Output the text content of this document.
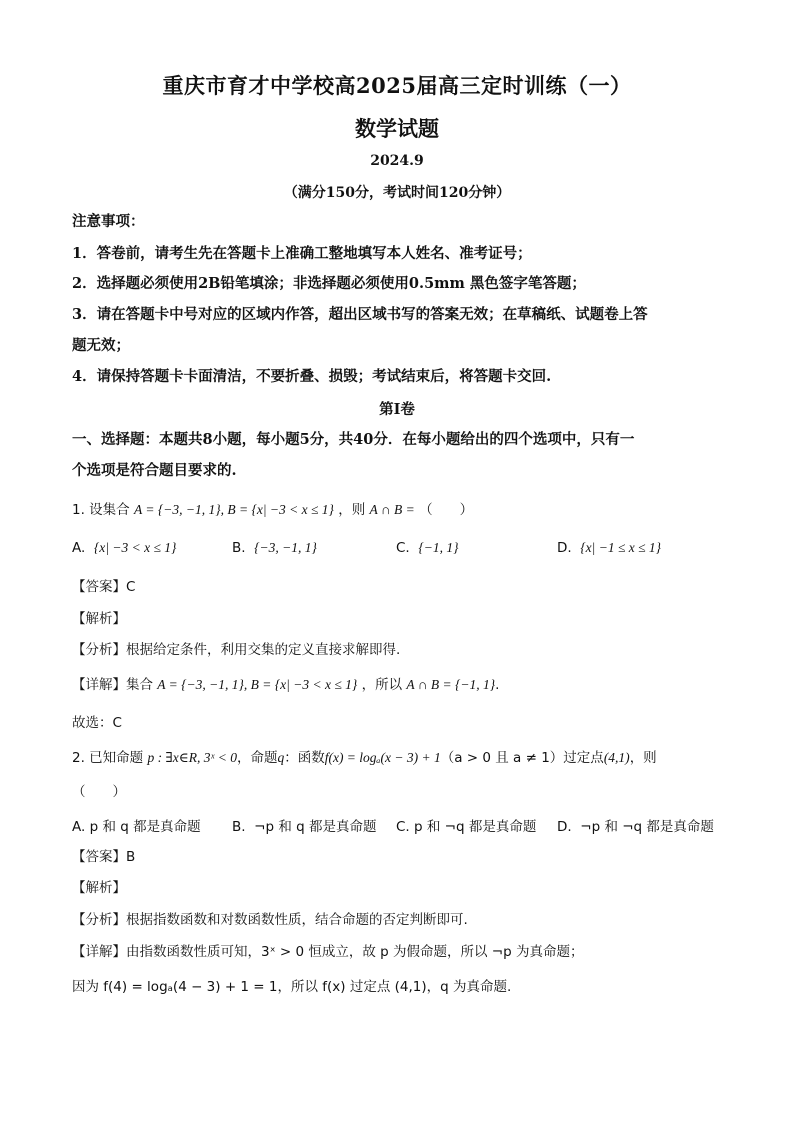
重庆市育才中学校高2025届高三定时训练（一）
数学试题
2024.9
（满分150分，考试时间120分钟）
注意事项：
1．答卷前，请考生先在答题卡上准确工整地填写本人姓名、准考证号；
2．选择题必须使用2B铅笔填涂；非选择题必须使用0.5mm 黑色签字笔答题；
3．请在答题卡中号对应的区域内作答，超出区域书写的答案无效；在草稿纸、试题卷上答
题无效；
4．请保持答题卡卡面清洁，不要折叠、损毁；考试结束后，将答题卡交回.
第Ⅰ卷
一、选择题：本题共8小题，每小题5分，共40分．在每小题给出的四个选项中，只有一
个选项是符合题目要求的.
1. 设集合 A = {−3, −1, 1}, B = {x| −3 < x ≤ 1} ，则 A ∩ B = （　　）
A. {x| −3 < x ≤ 1}	B. {−3, −1, 1}	C. {−1, 1}	D. {x| −1 ≤ x ≤ 1}
【答案】C
【解析】
【分析】根据给定条件，利用交集的定义直接求解即得.
【详解】集合 A = {−3, −1, 1}, B = {x| −3 < x ≤ 1} ，所以 A ∩ B = {−1, 1}.
故选：C
2. 已知命题 p : ∃x∈R, 3ˣ < 0，命题q：函数f(x) = logₐ(x − 3) + 1（a > 0 且 a ≠ 1）过定点(4,1)，则
（　　）
A. p 和 q 都是真命题 B. ¬p 和 q 都是真命题 C. p 和 ¬q 都是真命题 D. ¬p 和 ¬q 都是真命题
【答案】B
【解析】
【分析】根据指数函数和对数函数性质，结合命题的否定判断即可.
【详解】由指数函数性质可知，3ˣ > 0 恒成立，故 p 为假命题，所以 ¬p 为真命题；
因为 f(4) = logₐ(4 − 3) + 1 = 1，所以 f(x) 过定点 (4,1)，q 为真命题.
